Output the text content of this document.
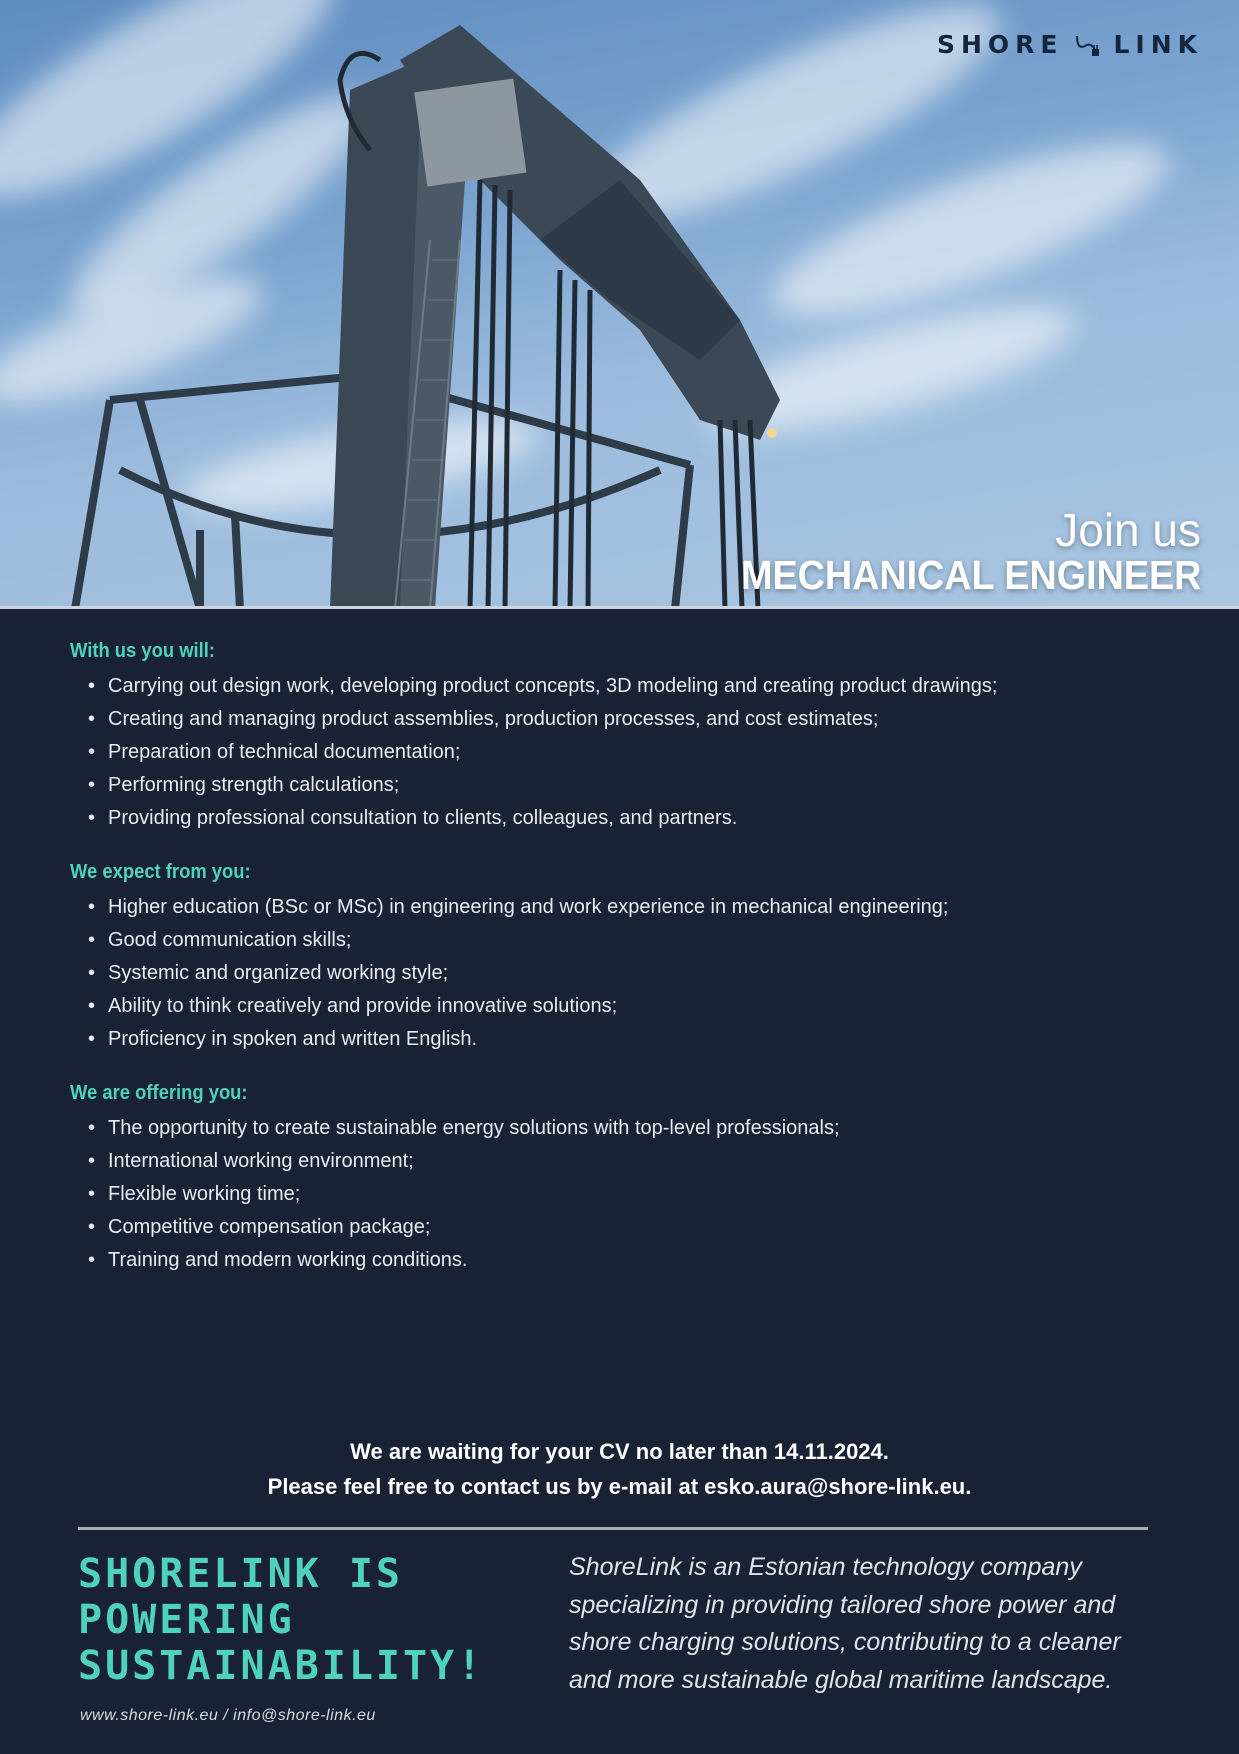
SHORE LINK
Join us
MECHANICAL ENGINEER
With us you will:
• Carrying out design work, developing product concepts, 3D modeling and creating product drawings;
• Creating and managing product assemblies, production processes, and cost estimates;
• Preparation of technical documentation;
• Performing strength calculations;
• Providing professional consultation to clients, colleagues, and partners.
We expect from you:
• Higher education (BSc or MSc) in engineering and work experience in mechanical engineering;
• Good communication skills;
• Systemic and organized working style;
• Ability to think creatively and provide innovative solutions;
• Proficiency in spoken and written English.
We are offering you:
• The opportunity to create sustainable energy solutions with top-level professionals;
• International working environment;
• Flexible working time;
• Competitive compensation package;
• Training and modern working conditions.
We are waiting for your CV no later than 14.11.2024.
Please feel free to contact us by e-mail at esko.aura@shore-link.eu.
SHORELINK IS
POWERING
SUSTAINABILITY!
www.shore-link.eu / info@shore-link.eu
ShoreLink is an Estonian technology company specializing in providing tailored shore power and shore charging solutions, contributing to a cleaner and more sustainable global maritime landscape.
